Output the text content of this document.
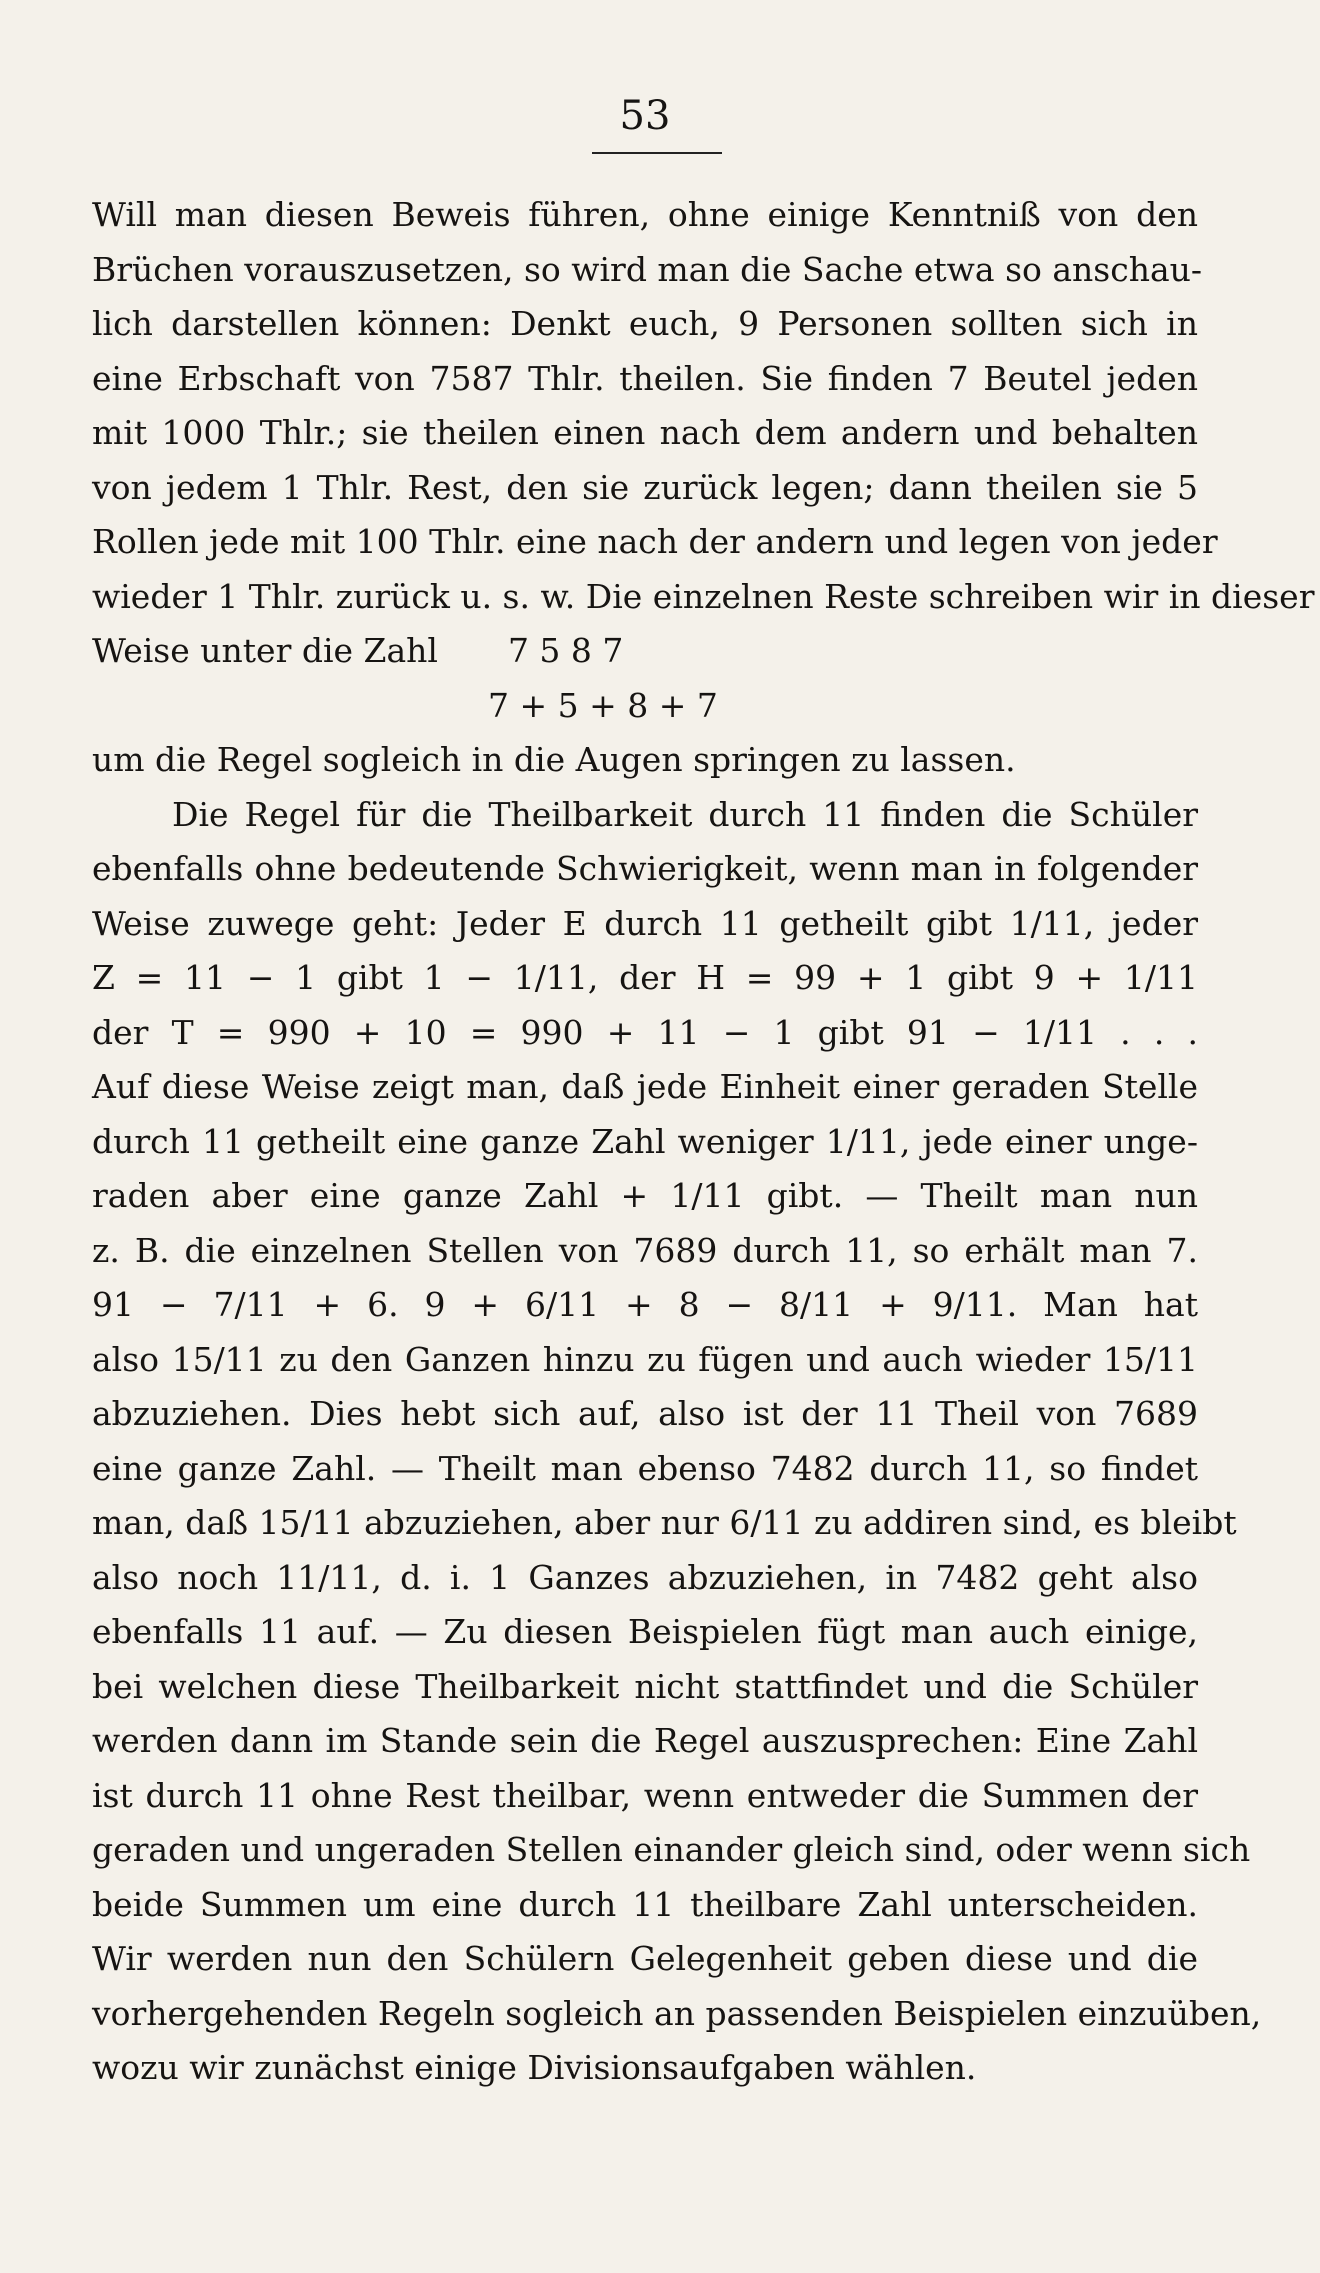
53
Will man diesen Beweis führen, ohne einige Kenntniß von den
Brüchen vorauszusetzen, so wird man die Sache etwa so anschau-
lich darstellen können: Denkt euch, 9 Personen sollten sich in
eine Erbschaft von 7587 Thlr. theilen. Sie finden 7 Beutel jeden
mit 1000 Thlr.; sie theilen einen nach dem andern und behalten
von jedem 1 Thlr. Rest, den sie zurück legen; dann theilen sie 5
Rollen jede mit 100 Thlr. eine nach der andern und legen von jeder
wieder 1 Thlr. zurück u. s. w. Die einzelnen Reste schreiben wir in dieser
Weise unter die Zahl 7 5 8 7
7 + 5 + 8 + 7
um die Regel sogleich in die Augen springen zu lassen.
Die Regel für die Theilbarkeit durch 11 finden die Schüler
ebenfalls ohne bedeutende Schwierigkeit, wenn man in folgender
Weise zuwege geht: Jeder E durch 11 getheilt gibt 1/11, jeder
Z = 11 − 1 gibt 1 − 1/11, der H = 99 + 1 gibt 9 + 1/11
der T = 990 + 10 = 990 + 11 − 1 gibt 91 − 1/11 . . .
Auf diese Weise zeigt man, daß jede Einheit einer geraden Stelle
durch 11 getheilt eine ganze Zahl weniger 1/11, jede einer unge-
raden aber eine ganze Zahl + 1/11 gibt. — Theilt man nun
z. B. die einzelnen Stellen von 7689 durch 11, so erhält man 7.
91 − 7/11 + 6. 9 + 6/11 + 8 − 8/11 + 9/11. Man hat
also 15/11 zu den Ganzen hinzu zu fügen und auch wieder 15/11
abzuziehen. Dies hebt sich auf, also ist der 11 Theil von 7689
eine ganze Zahl. — Theilt man ebenso 7482 durch 11, so findet
man, daß 15/11 abzuziehen, aber nur 6/11 zu addiren sind, es bleibt
also noch 11/11, d. i. 1 Ganzes abzuziehen, in 7482 geht also
ebenfalls 11 auf. — Zu diesen Beispielen fügt man auch einige,
bei welchen diese Theilbarkeit nicht stattfindet und die Schüler
werden dann im Stande sein die Regel auszusprechen: Eine Zahl
ist durch 11 ohne Rest theilbar, wenn entweder die Summen der
geraden und ungeraden Stellen einander gleich sind, oder wenn sich
beide Summen um eine durch 11 theilbare Zahl unterscheiden.
Wir werden nun den Schülern Gelegenheit geben diese und die
vorhergehenden Regeln sogleich an passenden Beispielen einzuüben,
wozu wir zunächst einige Divisionsaufgaben wählen.
